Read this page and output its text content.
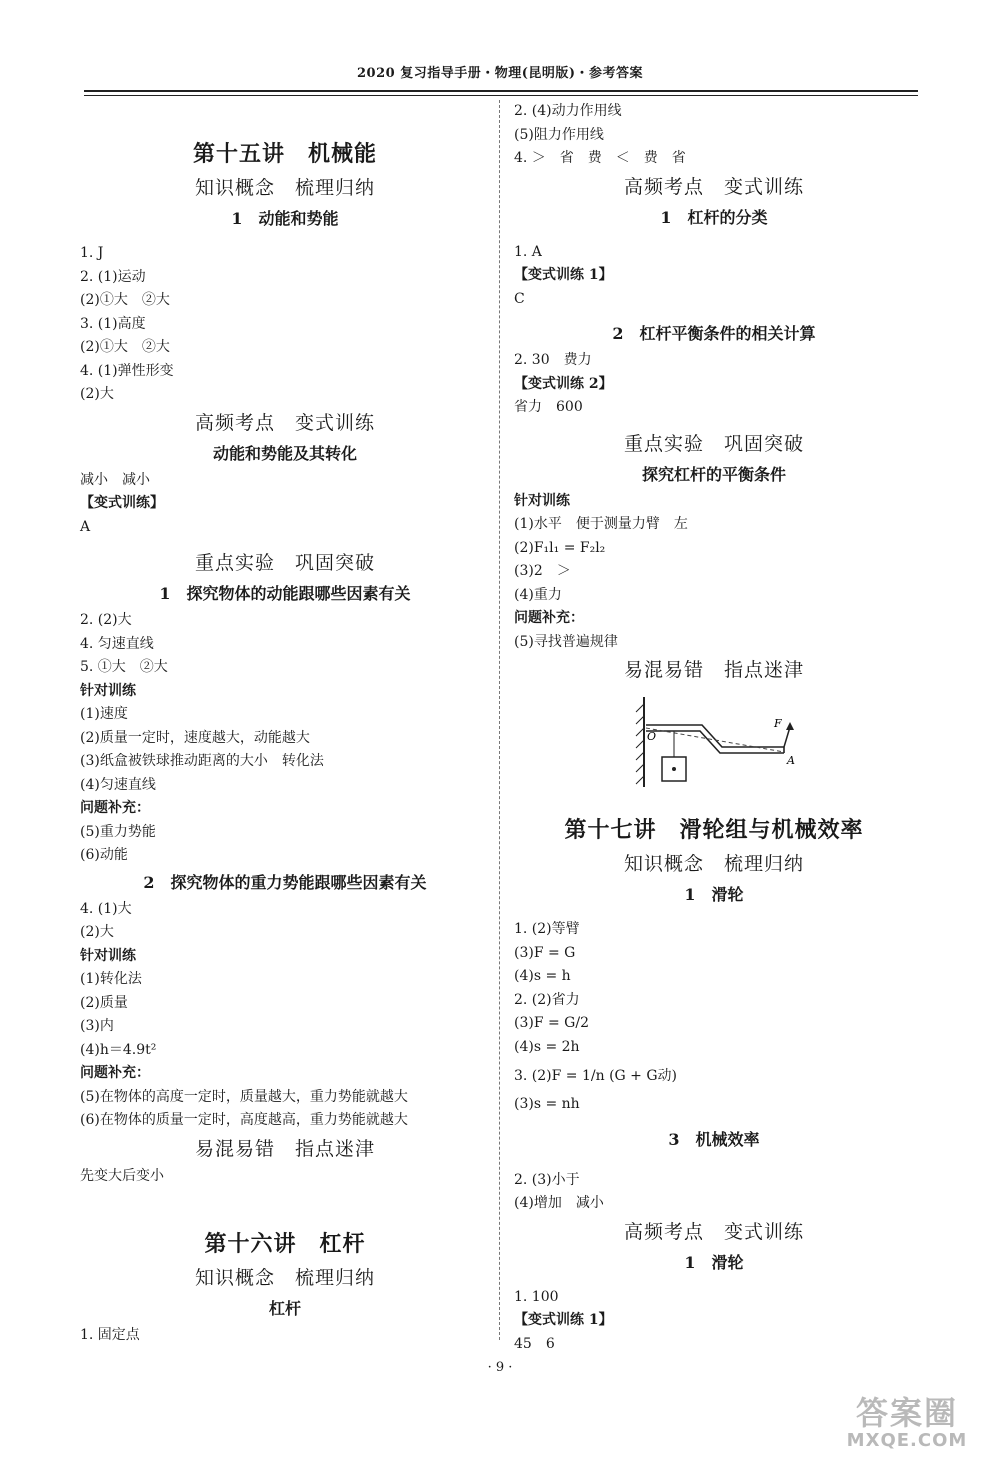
2020 复习指导手册・物理(昆明版)・参考答案
第十五讲　机械能
知识概念　梳理归纳
1　动能和势能
1. J
2. (1)运动
(2)①大　②大
3. (1)高度
(2)①大　②大
4. (1)弹性形变
(2)大
高频考点　变式训练
动能和势能及其转化
减小　减小
【变式训练】
A
重点实验　巩固突破
1　探究物体的动能跟哪些因素有关
2. (2)大
4. 匀速直线
5. ①大　②大
针对训练
(1)速度
(2)质量一定时，速度越大，动能越大
(3)纸盒被铁球推动距离的大小　转化法
(4)匀速直线
问题补充：
(5)重力势能
(6)动能
2　探究物体的重力势能跟哪些因素有关
4. (1)大
(2)大
针对训练
(1)转化法
(2)质量
(3)内
(4)h＝4.9t²
问题补充：
(5)在物体的高度一定时，质量越大，重力势能就越大
(6)在物体的质量一定时，高度越高，重力势能就越大
易混易错　指点迷津
先变大后变小
第十六讲　杠杆
知识概念　梳理归纳
杠杆
1. 固定点
2. (4)动力作用线
(5)阻力作用线
4. ＞　省　费　＜　费　省
高频考点　变式训练
1　杠杆的分类
1. A
【变式训练 1】
C
2　杠杆平衡条件的相关计算
2. 30　费力
【变式训练 2】
省力　600
重点实验　巩固突破
探究杠杆的平衡条件
针对训练
(1)水平　便于测量力臂　左
(2)F₁l₁ = F₂l₂
(3)2　＞
(4)重力
问题补充：
(5)寻找普遍规律
易混易错　指点迷津
O
F
A
第十七讲　滑轮组与机械效率
知识概念　梳理归纳
1　滑轮
1. (2)等臂
(3)F = G
(4)s = h
2. (2)省力
(3)F = G/2
(4)s = 2h
3. (2)F = 1/n (G + G动)
(3)s = nh
3　机械效率
2. (3)小于
(4)增加　减小
高频考点　变式训练
1　滑轮
1. 100
【变式训练 1】
45　6
· 9 ·
答案圈
MXQE.COM
